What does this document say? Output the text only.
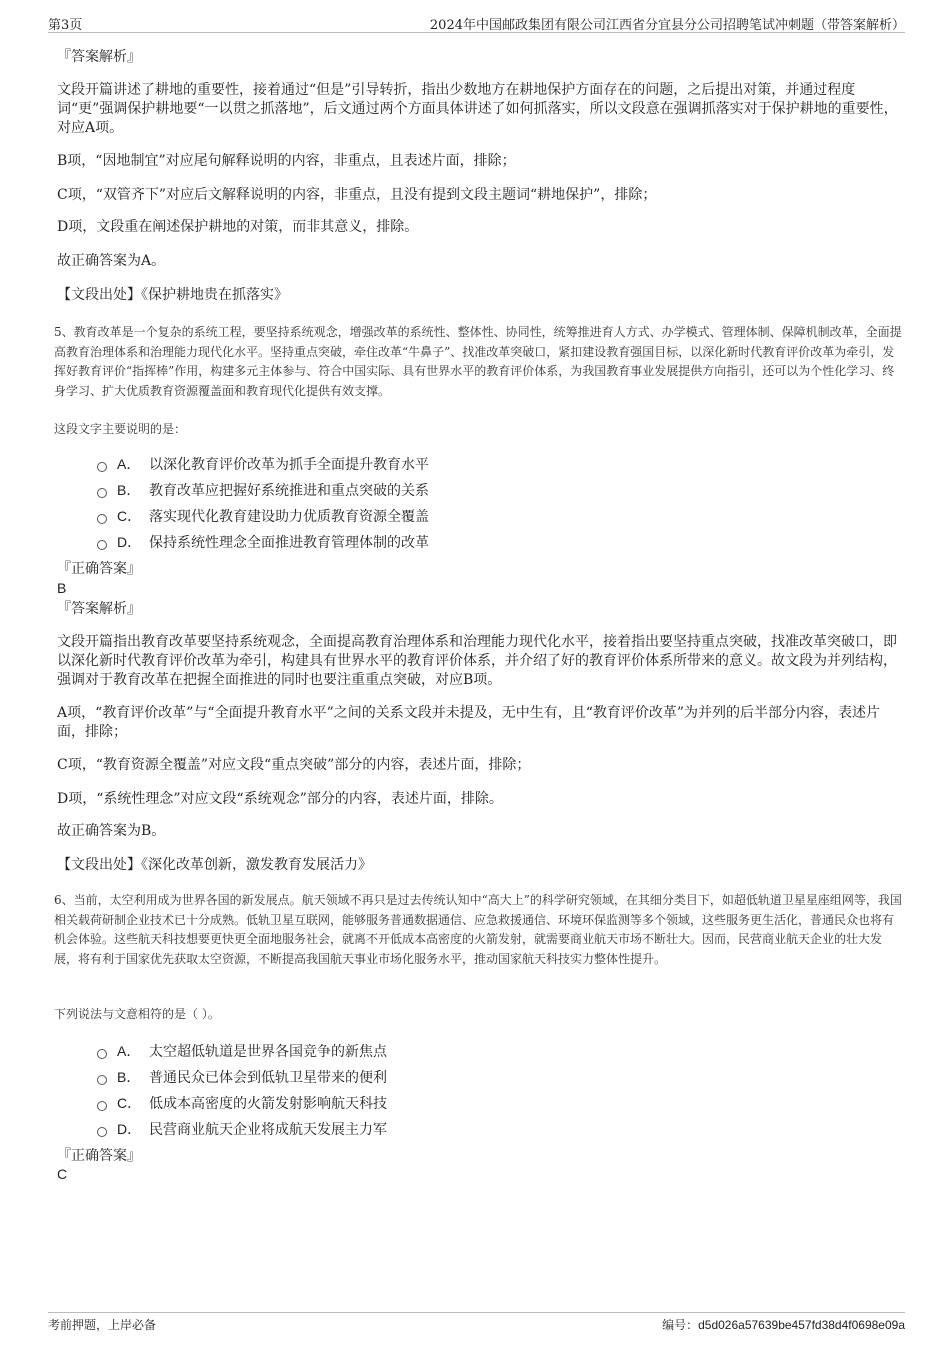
第3页	2024年中国邮政集团有限公司江西省分宜县分公司招聘笔试冲刺题（带答案解析）
『答案解析』
文段开篇讲述了耕地的重要性，接着通过“但是”引导转折，指出少数地方在耕地保护方面存在的问题，之后提出对策，并通过程度词“更”强调保护耕地要“一以贯之抓落地”，后文通过两个方面具体讲述了如何抓落实，所以文段意在强调抓落实对于保护耕地的重要性，对应A项。
B项，“因地制宜”对应尾句解释说明的内容，非重点，且表述片面，排除；
C项，“双管齐下”对应后文解释说明的内容，非重点，且没有提到文段主题词“耕地保护”，排除；
D项，文段重在阐述保护耕地的对策，而非其意义，排除。
故正确答案为A。
【文段出处】《保护耕地贵在抓落实》
5、教育改革是一个复杂的系统工程，要坚持系统观念，增强改革的系统性、整体性、协同性，统筹推进育人方式、办学模式、管理体制、保障机制改革，全面提高教育治理体系和治理能力现代化水平。坚持重点突破，牵住改革“牛鼻子”、找准改革突破口，紧扣建设教育强国目标，以深化新时代教育评价改革为牵引，发挥好教育评价“指挥棒”作用，构建多元主体参与、符合中国实际、具有世界水平的教育评价体系，为我国教育事业发展提供方向指引，还可以为个性化学习、终身学习、扩大优质教育资源覆盖面和教育现代化提供有效支撑。
这段文字主要说明的是：
A． 以深化教育评价改革为抓手全面提升教育水平
B． 教育改革应把握好系统推进和重点突破的关系
C． 落实现代化教育建设助力优质教育资源全覆盖
D． 保持系统性理念全面推进教育管理体制的改革
『正确答案』
B
『答案解析』
文段开篇指出教育改革要坚持系统观念，全面提高教育治理体系和治理能力现代化水平，接着指出要坚持重点突破，找准改革突破口，即以深化新时代教育评价改革为牵引，构建具有世界水平的教育评价体系，并介绍了好的教育评价体系所带来的意义。故文段为并列结构，强调对于教育改革在把握全面推进的同时也要注重重点突破，对应B项。
A项，“教育评价改革”与“全面提升教育水平”之间的关系文段并未提及，无中生有，且“教育评价改革”为并列的后半部分内容，表述片面，排除；
C项，“教育资源全覆盖”对应文段“重点突破”部分的内容，表述片面，排除；
D项，“系统性理念”对应文段“系统观念”部分的内容，表述片面，排除。
故正确答案为B。
【文段出处】《深化改革创新，激发教育发展活力》
6、当前，太空利用成为世界各国的新发展点。航天领域不再只是过去传统认知中“高大上”的科学研究领域，在其细分类目下，如超低轨道卫星星座组网等，我国相关载荷研制企业技术已十分成熟。低轨卫星互联网，能够服务普通数据通信、应急救援通信、环境环保监测等多个领域，这些服务更生活化，普通民众也将有机会体验。这些航天科技想要更快更全面地服务社会，就离不开低成本高密度的火箭发射，就需要商业航天市场不断壮大。因而，民营商业航天企业的壮大发展，将有利于国家优先获取太空资源，不断提高我国航天事业市场化服务水平，推动国家航天科技实力整体性提升。
下列说法与文意相符的是（ ）。
A． 太空超低轨道是世界各国竞争的新焦点
B． 普通民众已体会到低轨卫星带来的便利
C． 低成本高密度的火箭发射影响航天科技
D． 民营商业航天企业将成航天发展主力军
『正确答案』
C
考前押题，上岸必备	编号：d5d026a57639be457fd38d4f0698e09a
